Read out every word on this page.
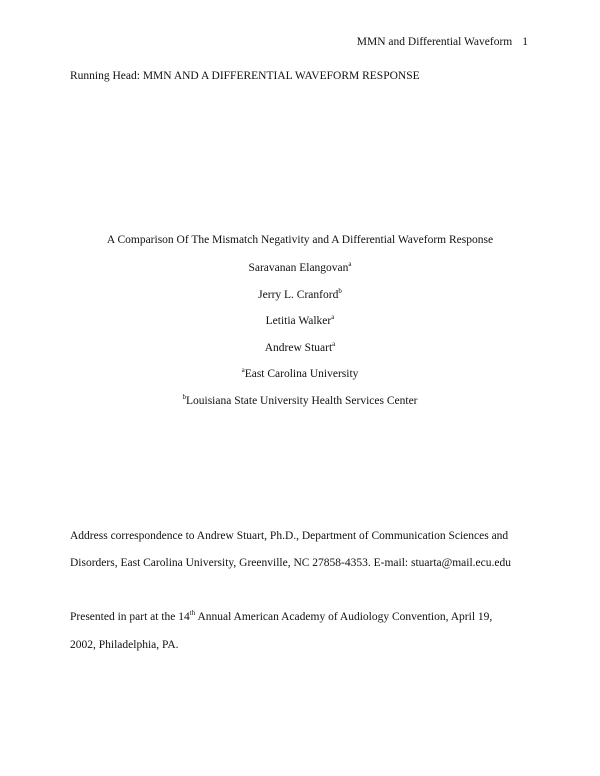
MMN and Differential Waveform 1
Running Head: MMN AND A DIFFERENTIAL WAVEFORM RESPONSE
A Comparison Of The Mismatch Negativity and A Differential Waveform Response
Saravanan Elangovan$^a$
Jerry L. Cranford$^b$
Letitia Walker$^a$
Andrew Stuart$^a$
$^a$East Carolina University
$^b$Louisiana State University Health Services Center
Address correspondence to Andrew Stuart, Ph.D., Department of Communication Sciences and
Disorders, East Carolina University, Greenville, NC 27858-4353. E-mail: stuarta@mail.ecu.edu
Presented in part at the 14th Annual American Academy of Audiology Convention, April 19,
2002, Philadelphia, PA.
